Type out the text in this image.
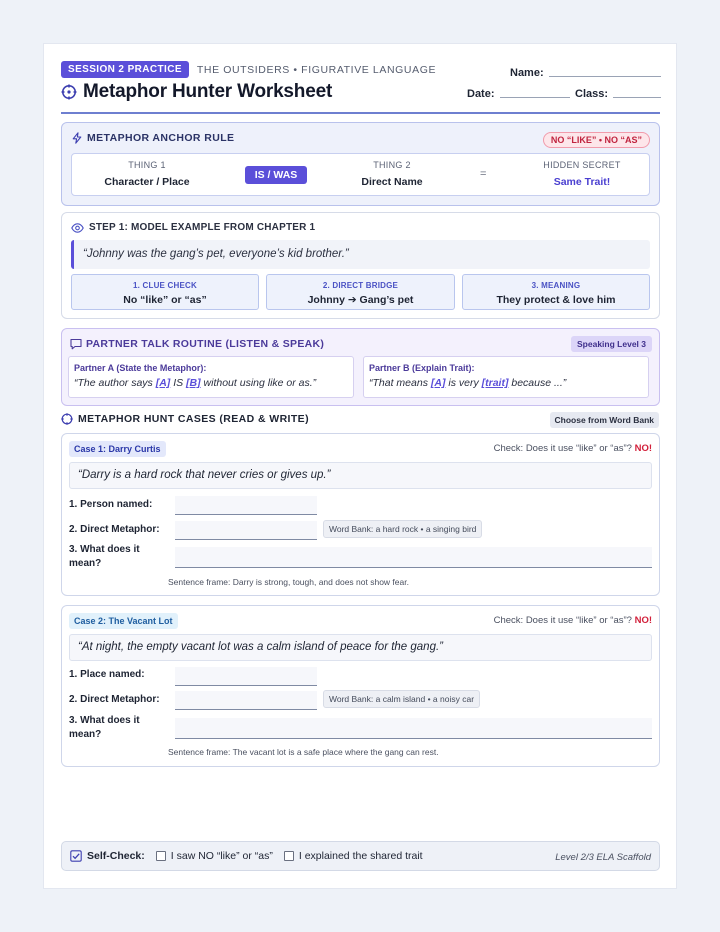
SESSION 2 PRACTICE	THE OUTSIDERS • FIGURATIVE LANGUAGE
Metaphor Hunter Worksheet
Name:
Date:	Class:
METAPHOR ANCHOR RULE	NO “LIKE” • NO “AS”
THING 1
Character / Place
IS / WAS
THING 2
Direct Name
=
HIDDEN SECRET
Same Trait!
STEP 1: MODEL EXAMPLE FROM CHAPTER 1
“Johnny was the gang’s pet, everyone’s kid brother.”
1. CLUE CHECK
No “like” or “as”
2. DIRECT BRIDGE
Johnny ➔ Gang’s pet
3. MEANING
They protect & love him
PARTNER TALK ROUTINE (LISTEN & SPEAK)	Speaking Level 3
Partner A (State the Metaphor):
“The author says [A] IS [B] without using like or as.”
Partner B (Explain Trait):
“That means [A] is very [trait] because ...”
METAPHOR HUNT CASES (READ & WRITE)	Choose from Word Bank
Case 1: Darry Curtis	Check: Does it use “like” or “as”? NO!
“Darry is a hard rock that never cries or gives up.”
1. Person named:
2. Direct Metaphor:	Word Bank: a hard rock • a singing bird
3. What does it mean?
Sentence frame: Darry is strong, tough, and does not show fear.
Case 2: The Vacant Lot	Check: Does it use “like” or “as”? NO!
“At night, the empty vacant lot was a calm island of peace for the gang.”
1. Place named:
2. Direct Metaphor:	Word Bank: a calm island • a noisy car
3. What does it mean?
Sentence frame: The vacant lot is a safe place where the gang can rest.
Self-Check: I saw NO “like” or “as” I explained the shared trait	Level 2/3 ELA Scaffold
